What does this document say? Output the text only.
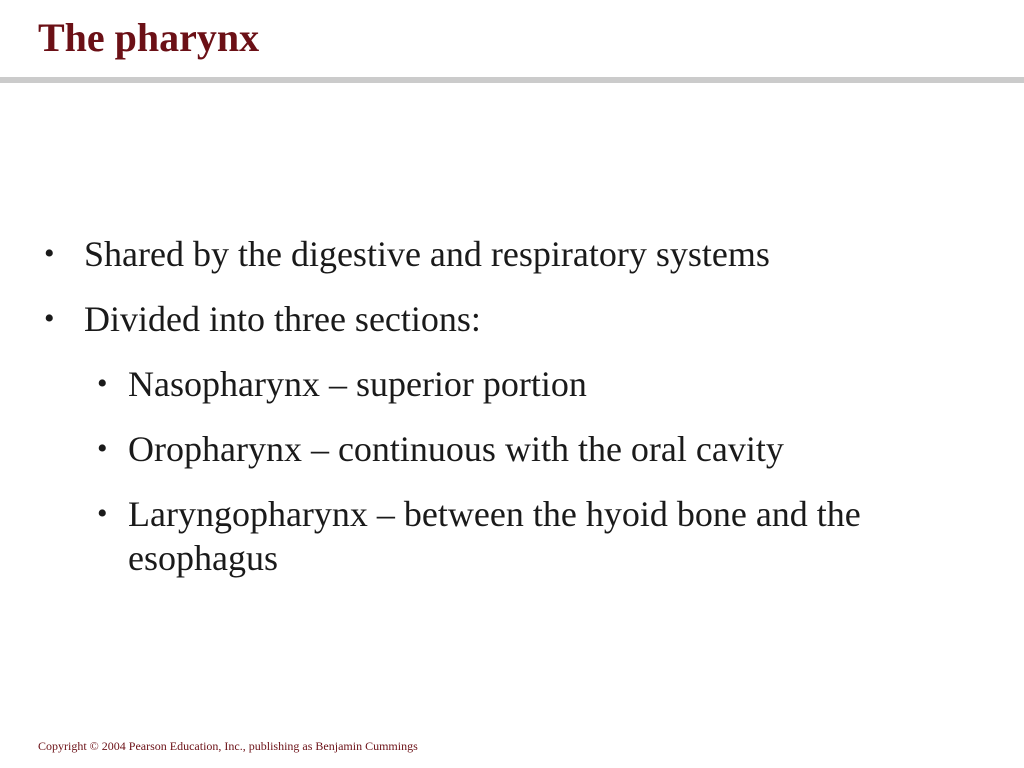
The pharynx
• Shared by the digestive and respiratory systems
• Divided into three sections:
• Nasopharynx – superior portion
• Oropharynx – continuous with the oral cavity
• Laryngopharynx – between the hyoid bone and the esophagus
Copyright © 2004 Pearson Education, Inc., publishing as Benjamin Cummings
